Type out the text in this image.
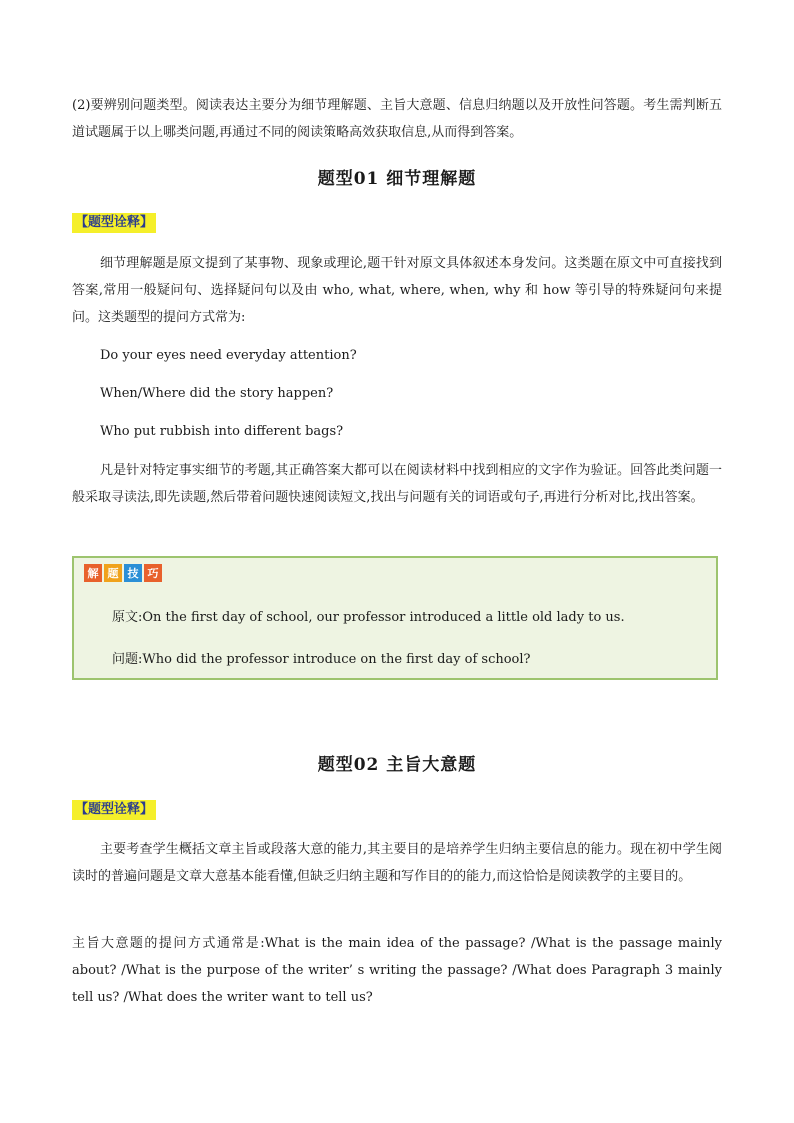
(2)要辨别问题类型。阅读表达主要分为细节理解题、主旨大意题、信息归纳题以及开放性问答题。考生需判断五道试题属于以上哪类问题,再通过不同的阅读策略高效获取信息,从而得到答案。

题型01 细节理解题
【题型诠释】

细节理解题是原文提到了某事物、现象或理论,题干针对原文具体叙述本身发问。这类题在原文中可直接找到答案,常用一般疑问句、选择疑问句以及由 who, what, where, when, why 和 how 等引导的特殊疑问句来提问。这类题型的提问方式常为:

Do your eyes need everyday attention?

When/Where did the story happen?

Who put rubbish into different bags?

凡是针对特定事实细节的考题,其正确答案大都可以在阅读材料中找到相应的文字作为验证。回答此类问题一般采取寻读法,即先读题,然后带着问题快速阅读短文,找出与问题有关的词语或句子,再进行分析对比,找出答案。

解 题 技 巧

原文:On the first day of school, our professor introduced a little old lady to us.

问题:Who did the professor introduce on the first day of school?

题型02 主旨大意题
【题型诠释】

主要考查学生概括文章主旨或段落大意的能力,其主要目的是培养学生归纳主要信息的能力。现在初中学生阅读时的普遍问题是文章大意基本能看懂,但缺乏归纳主题和写作目的的能力,而这恰恰是阅读教学的主要目的。

主旨大意题的提问方式通常是:What is the main idea of the passage? /What is the passage mainly about? /What is the purpose of the writer’ s writing the passage? /What does Paragraph 3 mainly tell us? /What does the writer want to tell us?
